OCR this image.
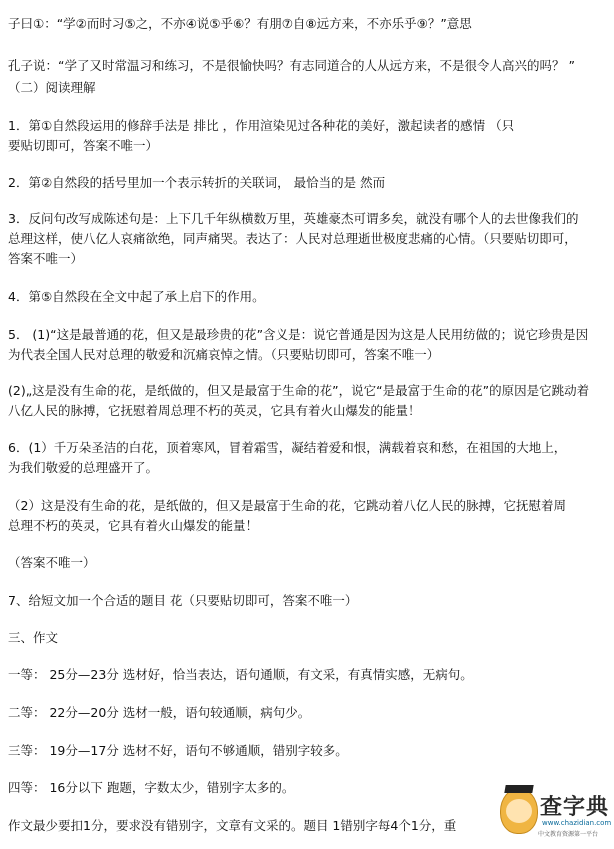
子曰①：“学②而时习⑤之，不亦④说⑤乎⑥？有朋⑦自⑧远方来，不亦乐乎⑨？”意思
孔子说：“学了又时常温习和练习，不是很愉快吗？有志同道合的人从远方来，不是很令人高兴的吗？ ”
（二）阅读理解
1．第①自然段运用的修辞手法是 排比 ，作用渲染见过各种花的美好，激起读者的感情 （只
要贴切即可，答案不唯一）
2．第②自然段的括号里加一个表示转折的关联词， 最恰当的是 然而
3．反问句改写成陈述句是：上下几千年纵横数万里，英雄豪杰可谓多矣，就没有哪个人的去世像我们的
总理这样，使八亿人哀痛欲绝，同声痛哭。表达了：人民对总理逝世极度悲痛的心情。（只要贴切即可，
答案不唯一）
4．第⑤自然段在全文中起了承上启下的作用。
5． (1)“这是最普通的花，但又是最珍贵的花”含义是：说它普通是因为这是人民用纺做的；说它珍贵是因
为代表全国人民对总理的敬爱和沉痛哀悼之情。（只要贴切即可，答案不唯一）
(2)„这是没有生命的花，是纸做的，但又是最富于生命的花”，说它“是最富于生命的花”的原因是它跳动着
八亿人民的脉搏，它抚慰着周总理不朽的英灵，它具有着火山爆发的能量！
6．(1）千万朵圣洁的白花，顶着寒风，冒着霜雪，凝结着爱和恨，满载着哀和愁，在祖国的大地上，
为我们敬爱的总理盛开了。
（2）这是没有生命的花，是纸做的，但又是最富于生命的花，它跳动着八亿人民的脉搏，它抚慰着周
总理不朽的英灵，它具有着火山爆发的能量！
（答案不唯一）
7、给短文加一个合适的题目 花（只要贴切即可，答案不唯一）
三、作文
一等： 25分—23分 选材好，恰当表达，语句通顺，有文采，有真情实感，无病句。
二等： 22分—20分 选材一般，语句较通顺，病句少。
三等： 19分—17分 选材不好，语句不够通顺，错别字较多。
四等： 16分以下 跑题，字数太少，错别字太多的。
作文最少要扣1分，要求没有错别字，文章有文采的。题目 1错别字每4个1分，重
查字典
www.chazidian.com
中文教育资源第一平台
